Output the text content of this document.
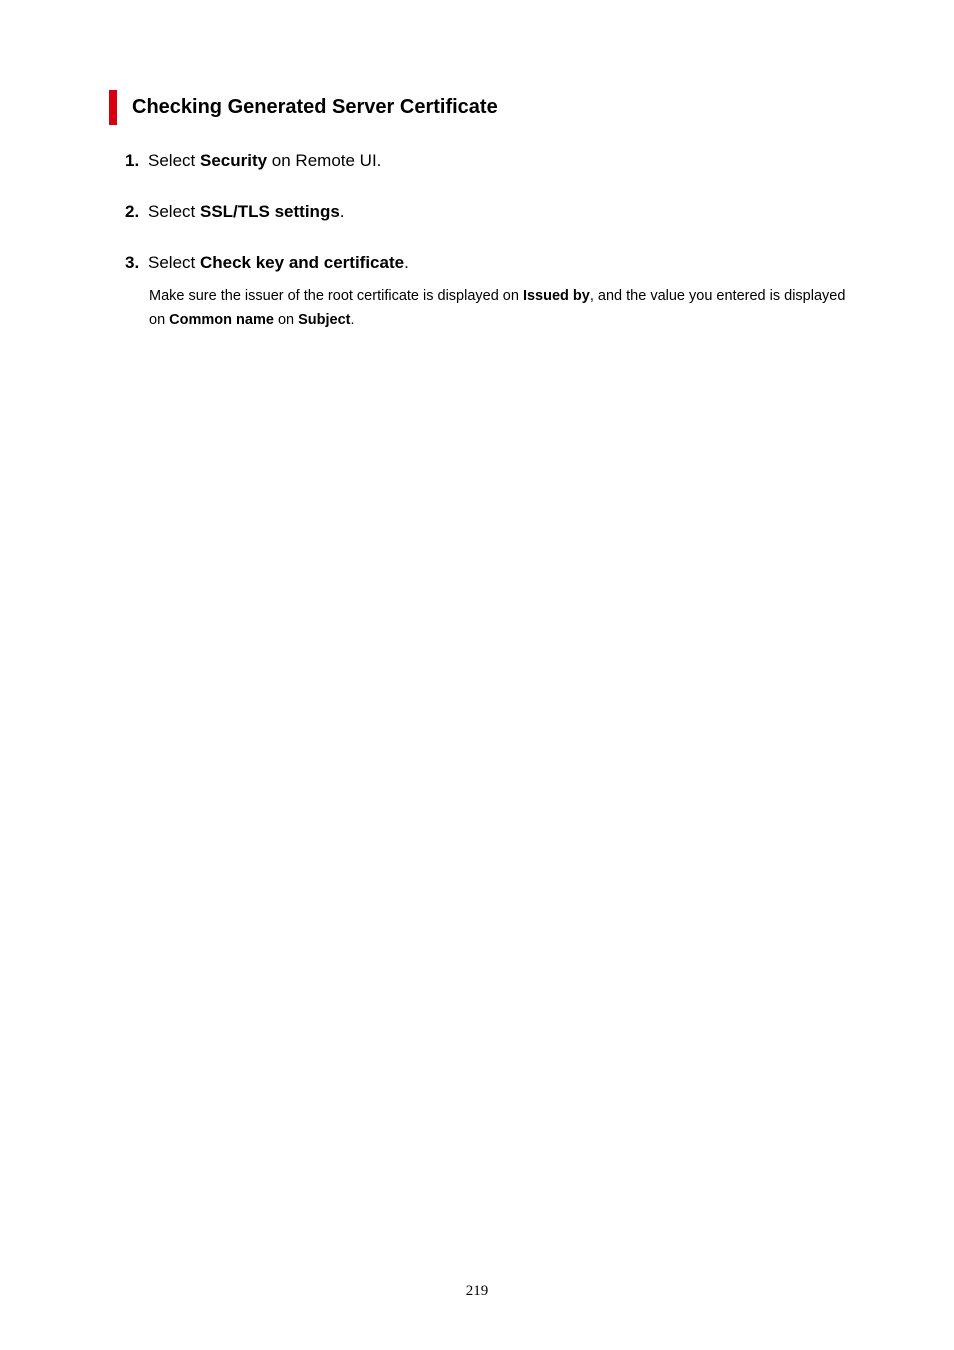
Checking Generated Server Certificate
1. Select Security on Remote UI.
2. Select SSL/TLS settings.
3. Select Check key and certificate.
Make sure the issuer of the root certificate is displayed on Issued by, and the value you entered is displayed on Common name on Subject.
219
